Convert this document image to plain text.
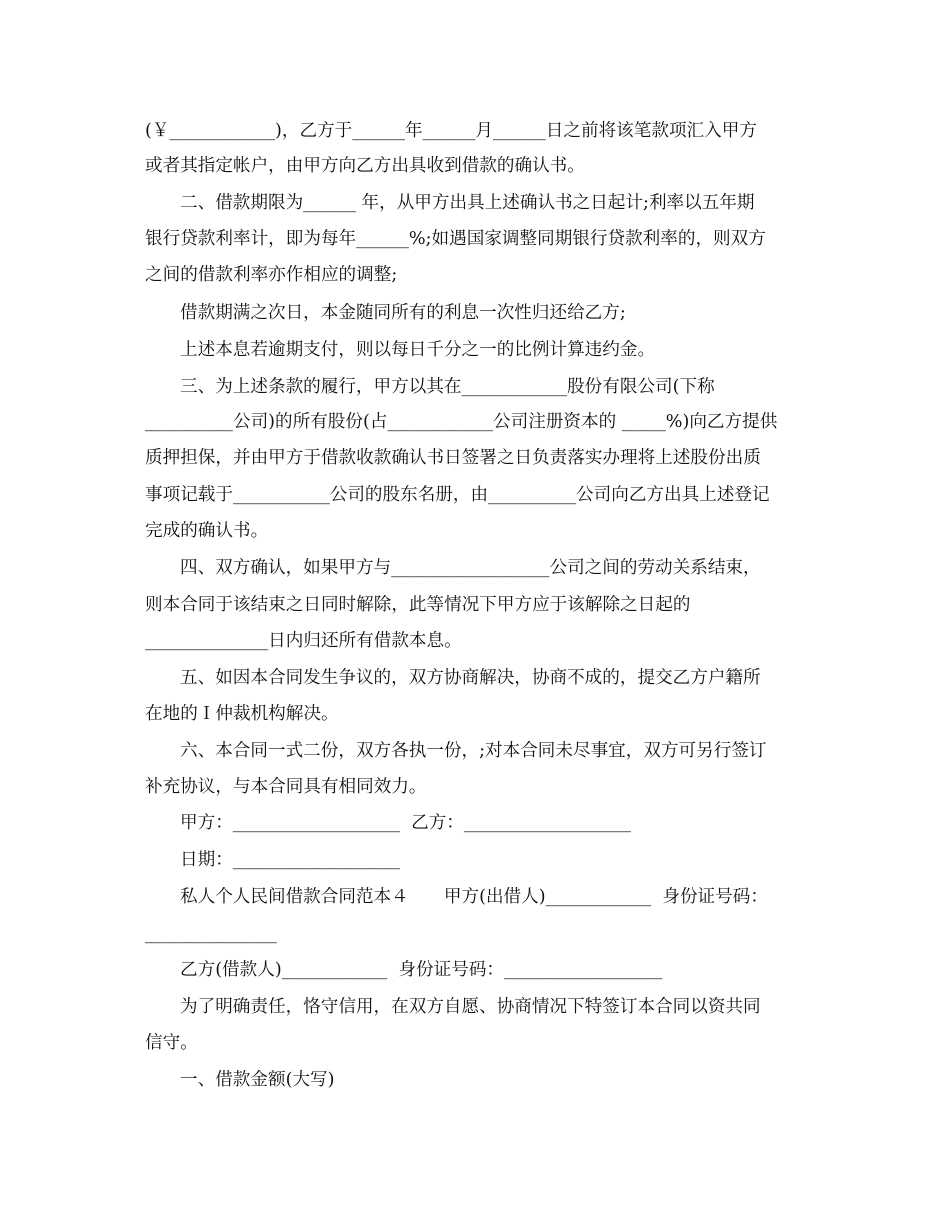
(￥____________)，乙方于______年______月______日之前将该笔款项汇入甲方
或者其指定帐户，由甲方向乙方出具收到借款的确认书。
二、借款期限为______ 年，从甲方出具上述确认书之日起计;利率以五年期
银行贷款利率计，即为每年______%;如遇国家调整同期银行贷款利率的，则双方
之间的借款利率亦作相应的调整;
借款期满之次日，本金随同所有的利息一次性归还给乙方;
上述本息若逾期支付，则以每日千分之一的比例计算违约金。
三、为上述条款的履行，甲方以其在____________股份有限公司(下称
__________公司)的所有股份(占____________公司注册资本的 _____%)向乙方提供
质押担保，并由甲方于借款收款确认书日签署之日负责落实办理将上述股份出质
事项记载于___________公司的股东名册，由__________公司向乙方出具上述登记
完成的确认书。
四、双方确认，如果甲方与__________________公司之间的劳动关系结束，
则本合同于该结束之日同时解除，此等情况下甲方应于该解除之日起的
______________日内归还所有借款本息。
五、如因本合同发生争议的，双方协商解决，协商不成的，提交乙方户籍所
在地的Ｉ仲裁机构解决。
六、本合同一式二份，双方各执一份，;对本合同未尽事宜，双方可另行签订
补充协议，与本合同具有相同效力。
甲方：___________________  乙方：___________________
日期：___________________
私人个人民间借款合同范本４　　甲方(出借人)____________  身份证号码：
_______________
乙方(借款人)____________  身份证号码：__________________
为了明确责任，恪守信用，在双方自愿、协商情况下特签订本合同以资共同
信守。
一、借款金额(大写)
